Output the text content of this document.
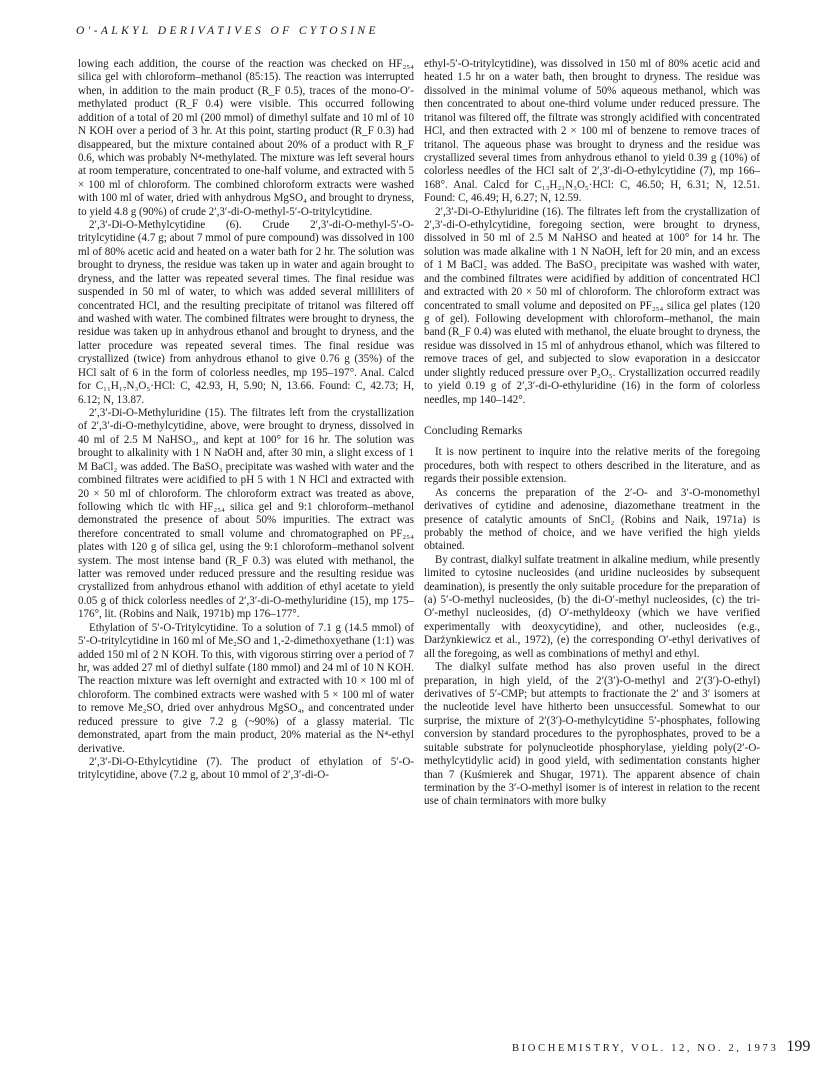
O′-ALKYL DERIVATIVES OF CYTOSINE

lowing each addition, the course of the reaction was checked on HF₂₅₄ silica gel with chloroform–methanol (85:15). The reaction was interrupted when, in addition to the main product (R_F 0.5), traces of the mono-O′-methylated product (R_F 0.4) were visible. This occurred following addition of a total of 20 ml (200 mmol) of dimethyl sulfate and 10 ml of 10 N KOH over a period of 3 hr. At this point, starting product (R_F 0.3) had disappeared, but the mixture contained about 20% of a product with R_F 0.6, which was probably N⁴-methylated. The mixture was left several hours at room temperature, concentrated to one-half volume, and extracted with 5 × 100 ml of chloroform. The combined chloroform extracts were washed with 100 ml of water, dried with anhydrous MgSO₄ and brought to dryness, to yield 4.8 g (90%) of crude 2′,3′-di-O-methyl-5′-O-tritylcytidine.

2′,3′-Di-O-Methylcytidine (6). Crude 2′,3′-di-O-methyl-5′-O-tritylcytidine (4.7 g; about 7 mmol of pure compound) was dissolved in 100 ml of 80% acetic acid and heated on a water bath for 2 hr. The solution was brought to dryness, the residue was taken up in water and again brought to dryness, and the latter was repeated several times. The final residue was suspended in 50 ml of water, to which was added several milliliters of concentrated HCl, and the resulting precipitate of tritanol was filtered off and washed with water. The combined filtrates were brought to dryness, the residue was taken up in anhydrous ethanol and brought to dryness, and the latter procedure was repeated several times. The final residue was crystallized (twice) from anhydrous ethanol to give 0.76 g (35%) of the HCl salt of 6 in the form of colorless needles, mp 195–197°. Anal. Calcd for C₁₁H₁₇N₃O₅·HCl: C, 42.93, H, 5.90; N, 13.66. Found: C, 42.73; H, 6.12; N, 13.87.

2′,3′-Di-O-Methyluridine (15). The filtrates left from the crystallization of 2′,3′-di-O-methylcytidine, above, were brought to dryness, dissolved in 40 ml of 2.5 M NaHSO₃, and kept at 100° for 16 hr. The solution was brought to alkalinity with 1 N NaOH and, after 30 min, a slight excess of 1 M BaCl₂ was added. The BaSO₃ precipitate was washed with water and the combined filtrates were acidified to pH 5 with 1 N HCl and extracted with 20 × 50 ml of chloroform. The chloroform extract was treated as above, following which tlc with HF₂₅₄ silica gel and 9:1 chloroform–methanol demonstrated the presence of about 50% impurities. The extract was therefore concentrated to small volume and chromatographed on PF₂₅₄ plates with 120 g of silica gel, using the 9:1 chloroform–methanol solvent system. The most intense band (R_F 0.3) was eluted with methanol, the latter was removed under reduced pressure and the resulting residue was crystallized from anhydrous ethanol with addition of ethyl acetate to yield 0.05 g of thick colorless needles of 2′,3′-di-O-methyluridine (15), mp 175–176°, lit. (Robins and Naik, 1971b) mp 176–177°.

Ethylation of 5′-O-Tritylcytidine. To a solution of 7.1 g (14.5 mmol) of 5′-O-tritylcytidine in 160 ml of Me₂SO and 1,-2-dimethoxyethane (1:1) was added 150 ml of 2 N KOH. To this, with vigorous stirring over a period of 7 hr, was added 27 ml of diethyl sulfate (180 mmol) and 24 ml of 10 N KOH. The reaction mixture was left overnight and extracted with 10 × 100 ml of chloroform. The combined extracts were washed with 5 × 100 ml of water to remove Me₂SO, dried over anhydrous MgSO₄, and concentrated under reduced pressure to give 7.2 g (~90%) of a glassy material. Tlc demonstrated, apart from the main product, 20% material as the N⁴-ethyl derivative.

2′,3′-Di-O-Ethylcytidine (7). The product of ethylation of 5′-O-tritylcytidine, above (7.2 g, about 10 mmol of 2′,3′-di-O-

ethyl-5′-O-tritylcytidine), was dissolved in 150 ml of 80% acetic acid and heated 1.5 hr on a water bath, then brought to dryness. The residue was dissolved in the minimal volume of 50% aqueous methanol, which was then concentrated to about one-third volume under reduced pressure. The tritanol was filtered off, the filtrate was strongly acidified with concentrated HCl, and then extracted with 2 × 100 ml of benzene to remove traces of tritanol. The aqueous phase was brought to dryness and the residue was crystallized several times from anhydrous ethanol to yield 0.39 g (10%) of colorless needles of the HCl salt of 2′,3′-di-O-ethylcytidine (7), mp 166–168°. Anal. Calcd for C₁₃H₂₁N₃O₅·HCl: C, 46.50; H, 6.31; N, 12.51. Found: C, 46.49; H, 6.27; N, 12.59.

2′,3′-Di-O-Ethyluridine (16). The filtrates left from the crystallization of 2′,3′-di-O-ethylcytidine, foregoing section, were brought to dryness, dissolved in 50 ml of 2.5 M NaHSO and heated at 100° for 14 hr. The solution was made alkaline with 1 N NaOH, left for 20 min, and an excess of 1 M BaCl₂ was added. The BaSO₃ precipitate was washed with water, and the combined filtrates were acidified by addition of concentrated HCl and extracted with 20 × 50 ml of chloroform. The chloroform extract was concentrated to small volume and deposited on PF₂₅₄ silica gel plates (120 g of gel). Following development with chloroform–methanol, the main band (R_F 0.4) was eluted with methanol, the eluate brought to dryness, the residue was dissolved in 15 ml of anhydrous ethanol, which was filtered to remove traces of gel, and subjected to slow evaporation in a desiccator under slightly reduced pressure over P₂O₅. Crystallization occurred readily to yield 0.19 g of 2′,3′-di-O-ethyluridine (16) in the form of colorless needles, mp 140–142°.

Concluding Remarks

It is now pertinent to inquire into the relative merits of the foregoing procedures, both with respect to others described in the literature, and as regards their possible extension.

As concerns the preparation of the 2′-O- and 3′-O-monomethyl derivatives of cytidine and adenosine, diazomethane treatment in the presence of catalytic amounts of SnCl₂ (Robins and Naik, 1971a) is probably the method of choice, and we have verified the high yields obtained.

By contrast, dialkyl sulfate treatment in alkaline medium, while presently limited to cytosine nucleosides (and uridine nucleosides by subsequent deamination), is presently the only suitable procedure for the preparation of (a) 5′-O-methyl nucleosides, (b) the di-O′-methyl nucleosides, (c) the tri-O′-methyl nucleosides, (d) O′-methyldeoxy (which we have verified experimentally with deoxycytidine), and other, nucleosides (e.g., Darżynkiewicz et al., 1972), (e) the corresponding O′-ethyl derivatives of all the foregoing, as well as combinations of methyl and ethyl.

The dialkyl sulfate method has also proven useful in the direct preparation, in high yield, of the 2′(3′)-O-methyl and 2′(3′)-O-ethyl) derivatives of 5′-CMP; but attempts to fractionate the 2′ and 3′ isomers at the nucleotide level have hitherto been unsuccessful. Somewhat to our surprise, the mixture of 2′(3′)-O-methylcytidine 5′-phosphates, following conversion by standard procedures to the pyrophosphates, proved to be a suitable substrate for polynucleotide phosphorylase, yielding poly(2′-O-methylcytidylic acid) in good yield, with sedimentation constants higher than 7 (Kuśmierek and Shugar, 1971). The apparent absence of chain termination by the 3′-O-methyl isomer is of interest in relation to the recent use of chain terminators with more bulky

BIOCHEMISTRY, VOL. 12, NO. 2, 1973 199
